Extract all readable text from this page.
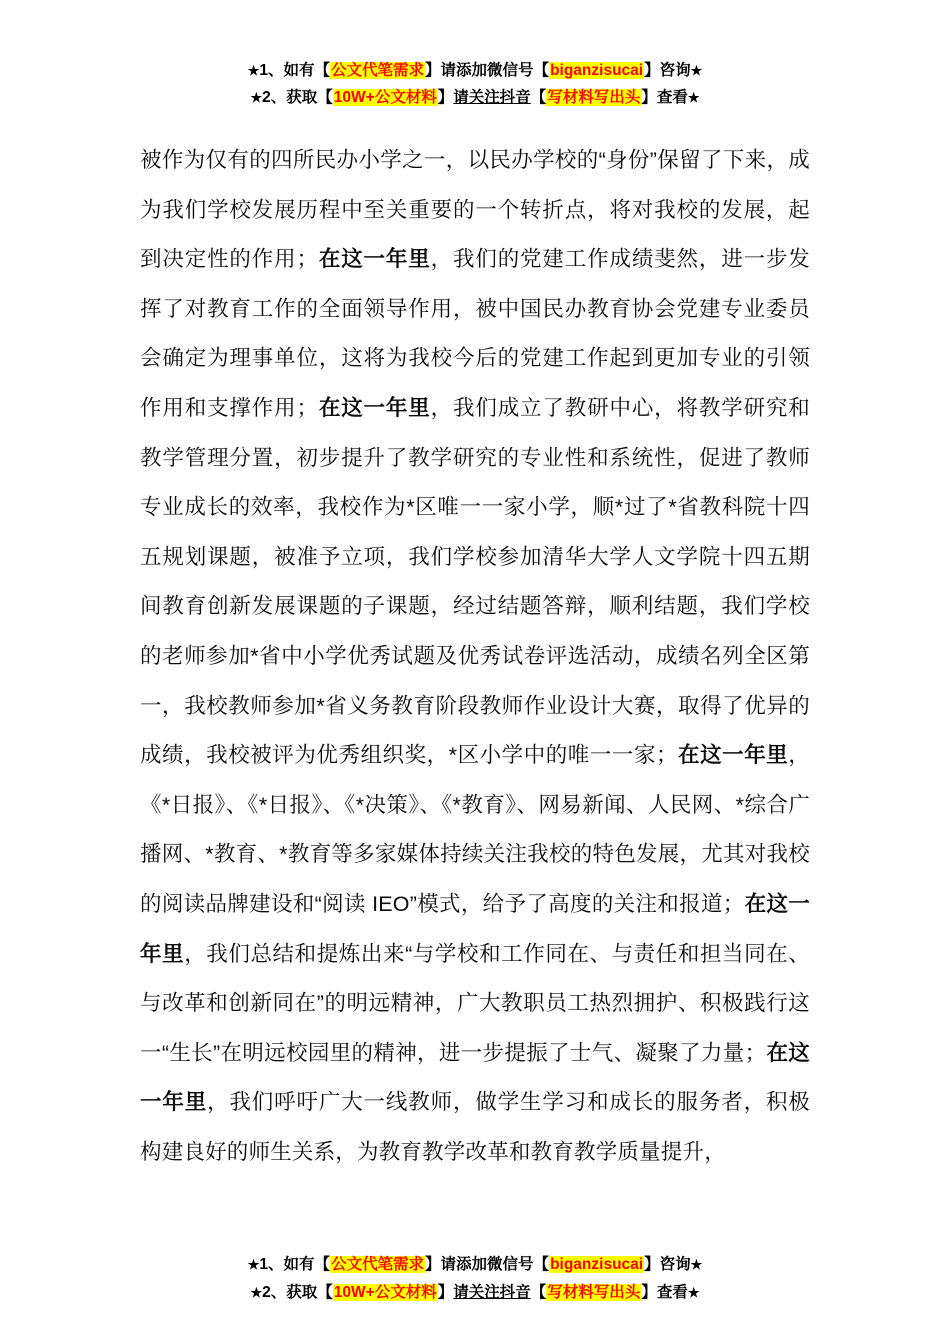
★1、如有【公文代笔需求】请添加微信号【biganzisucai】咨询★
★2、获取【10W+公文材料】请关注抖音【写材料写出头】查看★

被作为仅有的四所民办小学之一，以民办学校的“身份”保留了下来，成为我们学校发展历程中至关重要的一个转折点，将对我校的发展，起到决定性的作用；在这一年里，我们的党建工作成绩斐然，进一步发挥了对教育工作的全面领导作用，被中国民办教育协会党建专业委员会确定为理事单位，这将为我校今后的党建工作起到更加专业的引领作用和支撑作用；在这一年里，我们成立了教研中心，将教学研究和教学管理分置，初步提升了教学研究的专业性和系统性，促进了教师专业成长的效率，我校作为*区唯一一家小学，顺*过了*省教科院十四五规划课题，被准予立项，我们学校参加清华大学人文学院十四五期间教育创新发展课题的子课题，经过结题答辩，顺利结题，我们学校的老师参加*省中小学优秀试题及优秀试卷评选活动，成绩名列全区第一，我校教师参加*省义务教育阶段教师作业设计大赛，取得了优异的成绩，我校被评为优秀组织奖，*区小学中的唯一一家；在这一年里，《*日报》、《*日报》、《*决策》、《*教育》、网易新闻、人民网、*综合广播网、*教育、*教育等多家媒体持续关注我校的特色发展，尤其对我校的阅读品牌建设和“阅读 IEO”模式，给予了高度的关注和报道；在这一年里，我们总结和提炼出来“与学校和工作同在、与责任和担当同在、与改革和创新同在”的明远精神，广大教职员工热烈拥护、积极践行这一“生长”在明远校园里的精神，进一步提振了士气、凝聚了力量；在这一年里，我们呼吁广大一线教师，做学生学习和成长的服务者，积极构建良好的师生关系，为教育教学改革和教育教学质量提升，

★1、如有【公文代笔需求】请添加微信号【biganzisucai】咨询★
★2、获取【10W+公文材料】请关注抖音【写材料写出头】查看★
